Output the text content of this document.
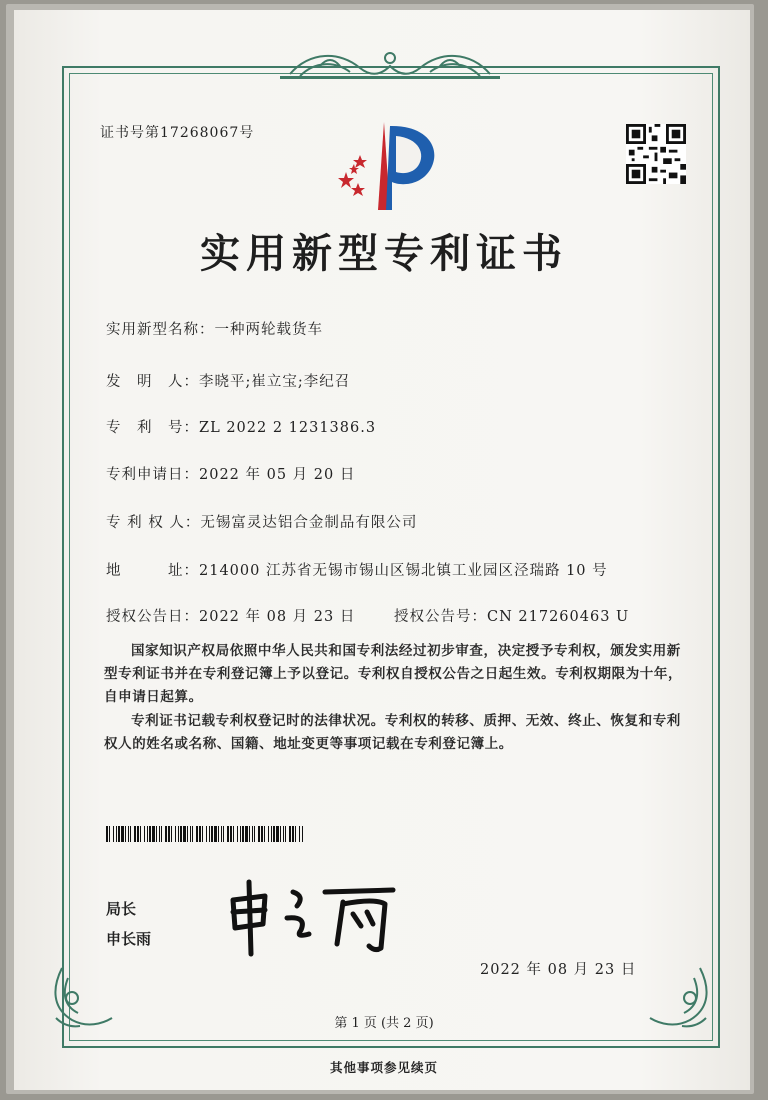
证书号第17268067号
实用新型专利证书
实用新型名称：一种两轮载货车
发　明　人：李晓平;崔立宝;李纪召
专　利　号：ZL 2022 2 1231386.3
专利申请日：2022 年 05 月 20 日
专 利 权 人：无锡富灵达铝合金制品有限公司
地　　　址：214000 江苏省无锡市锡山区锡北镇工业园区泾瑞路 10 号
授权公告日：2022 年 08 月 23 日	授权公告号：CN 217260463 U
国家知识产权局依照中华人民共和国专利法经过初步审查，决定授予专利权，颁发实用新型专利证书并在专利登记簿上予以登记。专利权自授权公告之日起生效。专利权期限为十年，自申请日起算。
专利证书记载专利权登记时的法律状况。专利权的转移、质押、无效、终止、恢复和专利权人的姓名或名称、国籍、地址变更等事项记载在专利登记簿上。
局长
申长雨
2022 年 08 月 23 日
第 1 页 (共 2 页)
其他事项参见续页
